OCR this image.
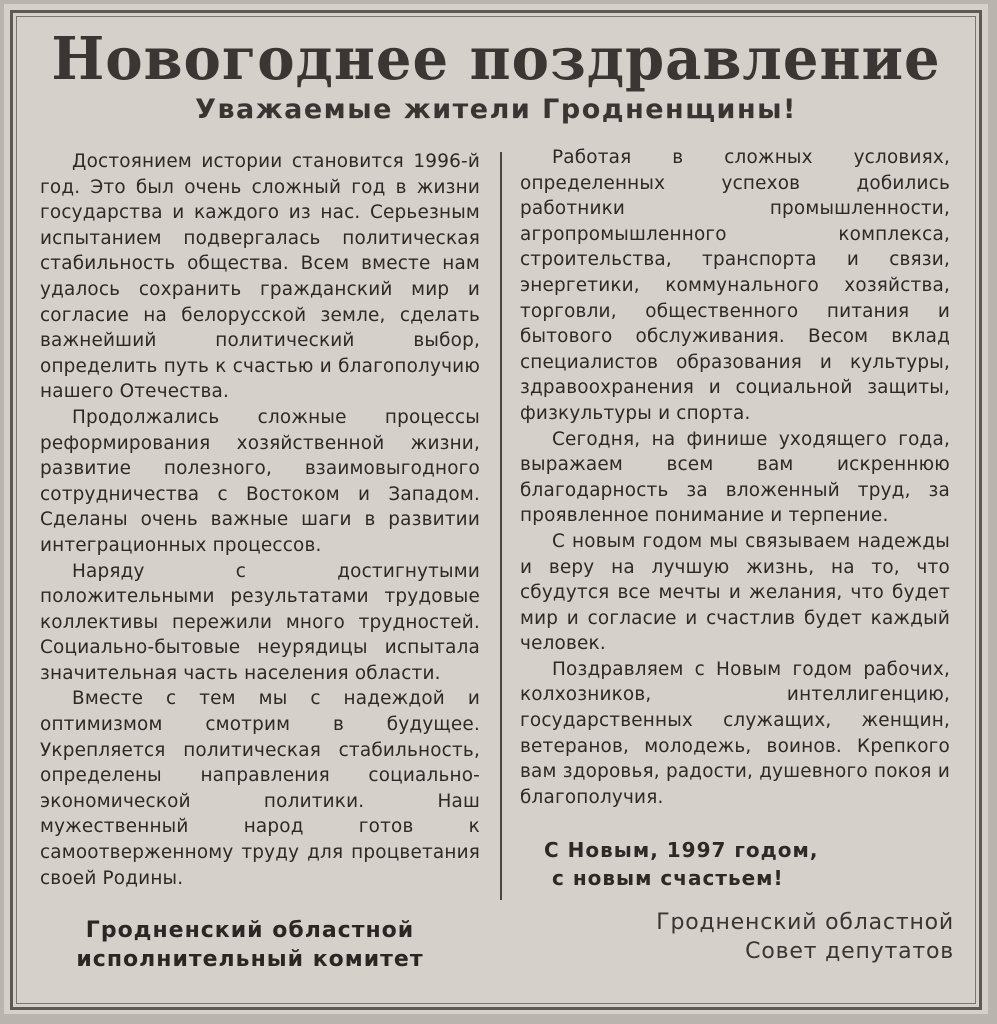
Новогоднее поздравление
Уважаемые жители Гродненщины!

Достоянием истории становится 1996-й год. Это был очень сложный год в жизни государства и каждого из нас. Серьезным испытанием подвергалась политическая стабильность общества. Всем вместе нам удалось сохранить гражданский мир и согласие на белорусской земле, сделать важнейший политический выбор, определить путь к счастью и благополучию нашего Отечества.

Продолжались сложные процессы реформирования хозяйственной жизни, развитие полезного, взаимовыгодного сотрудничества с Востоком и Западом. Сделаны очень важные шаги в развитии интеграционных процессов.

Наряду с достигнутыми положительными результатами трудовые коллективы пережили много трудностей. Социально-бытовые неурядицы испытала значительная часть населения области.

Вместе с тем мы с надеждой и оптимизмом смотрим в будущее. Укрепляется политическая стабильность, определены направления социально-экономической политики. Наш мужественный народ готов к самоотверженному труду для процветания своей Родины.

Работая в сложных условиях, определенных успехов добились работники промышленности, агропромышленного комплекса, строительства, транспорта и связи, энергетики, коммунального хозяйства, торговли, общественного питания и бытового обслуживания. Весом вклад специалистов образования и культуры, здравоохранения и социальной защиты, физкультуры и спорта.

Сегодня, на финише уходящего года, выражаем всем вам искреннюю благодарность за вложенный труд, за проявленное понимание и терпение.

С новым годом мы связываем надежды и веру на лучшую жизнь, на то, что сбудутся все мечты и желания, что будет мир и согласие и счастлив будет каждый человек.

Поздравляем с Новым годом рабочих, колхозников, интеллигенцию, государственных служащих, женщин, ветеранов, молодежь, воинов. Крепкого вам здоровья, радости, душевного покоя и благополучия.

С Новым, 1997 годом,
с новым счастьем!
Гродненский областной
исполнительный комитет
Гродненский областной
Совет депутатов
